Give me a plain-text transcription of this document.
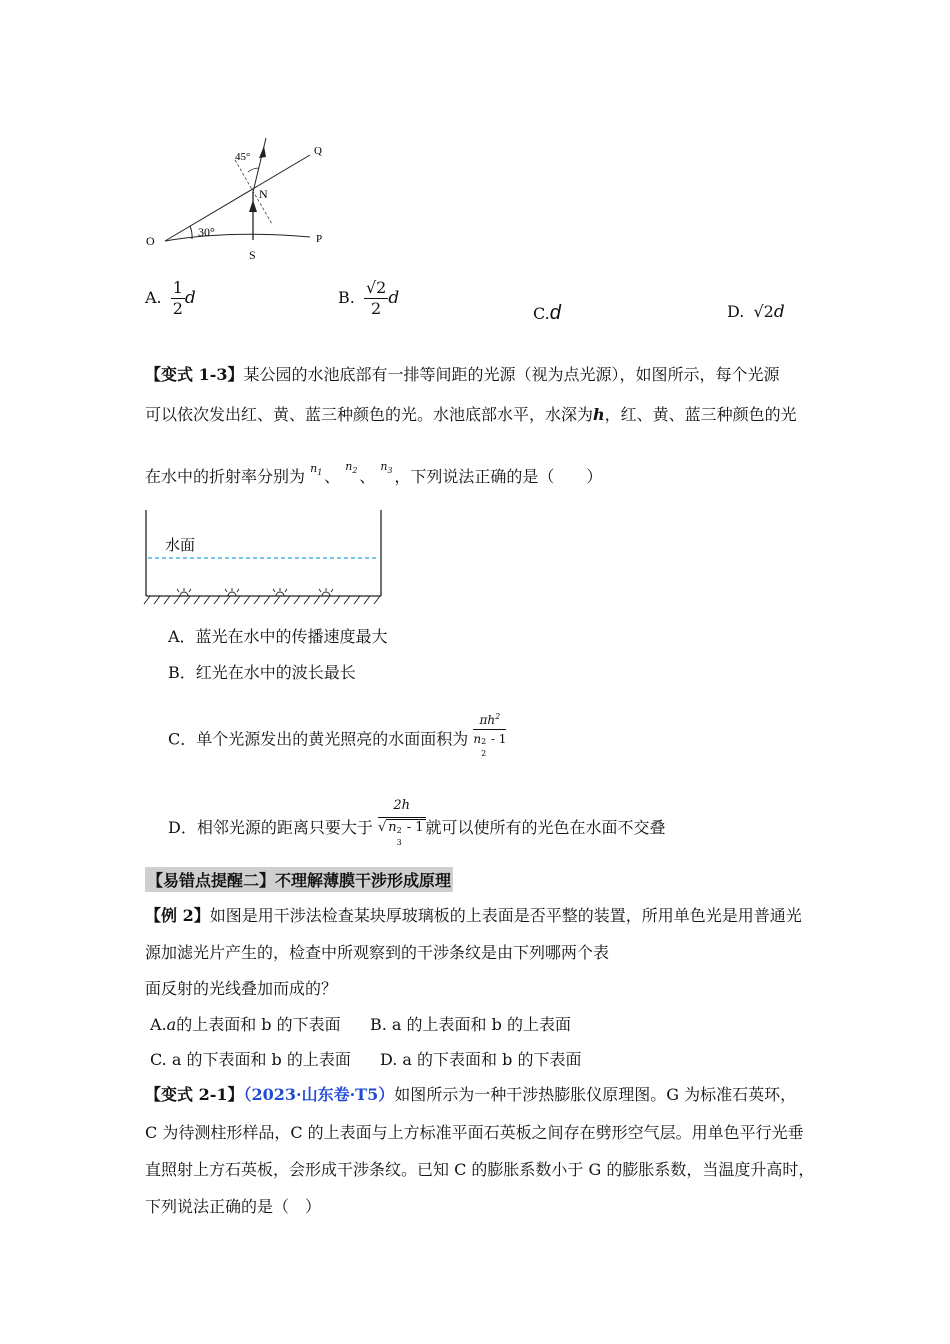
45°	Q
N
O
30°	P
S
A. $\frac{1}{2}$ d	B. $\frac{√2}{2}$ d
C.d	D. √2d
【变式 1-3】某公园的水池底部有一排等间距的光源（视为点光源），如图所示，每个光源
可以依次发出红、黄、蓝三种颜色的光。水池底部水平，水深为h，红、黄、蓝三种颜色的光
在水中的折射率分别为 $n_1$ 、
$n_2$ 、
$n_3$ ，下列说法正确的是（　　）
水面
A．蓝光在水中的传播速度最大
B．红光在水中的波长最长
C．单个光源发出的黄光照亮的水面面积为 $\pi h^2$
n 2
2
- 1
D．相邻光源的距离只要大于 2h
√ n 2
3
- 1 就可以使所有的光色在水面不交叠
【易错点提醒二】不理解薄膜干涉形成原理
【例 2】如图是用干涉法检查某块厚玻璃板的上表面是否平整的装置，所用单色光是用普通光
源加滤光片产生的，检查中所观察到的干涉条纹是由下列哪两个表
面反射的光线叠加而成的？
A.a的上表面和 b 的下表面 B. a 的上表面和 b 的上表面
C. a 的下表面和 b 的上表面 D. a 的下表面和 b 的下表面
【变式 2-1】（2023·山东卷·T5）如图所示为一种干涉热膨胀仪原理图。G 为标准石英环，
C 为待测柱形样品，C 的上表面与上方标准平面石英板之间存在劈形空气层。用单色平行光垂
直照射上方石英板，会形成干涉条纹。已知 C 的膨胀系数小于 G 的膨胀系数，当温度升高时，
下列说法正确的是（　）
